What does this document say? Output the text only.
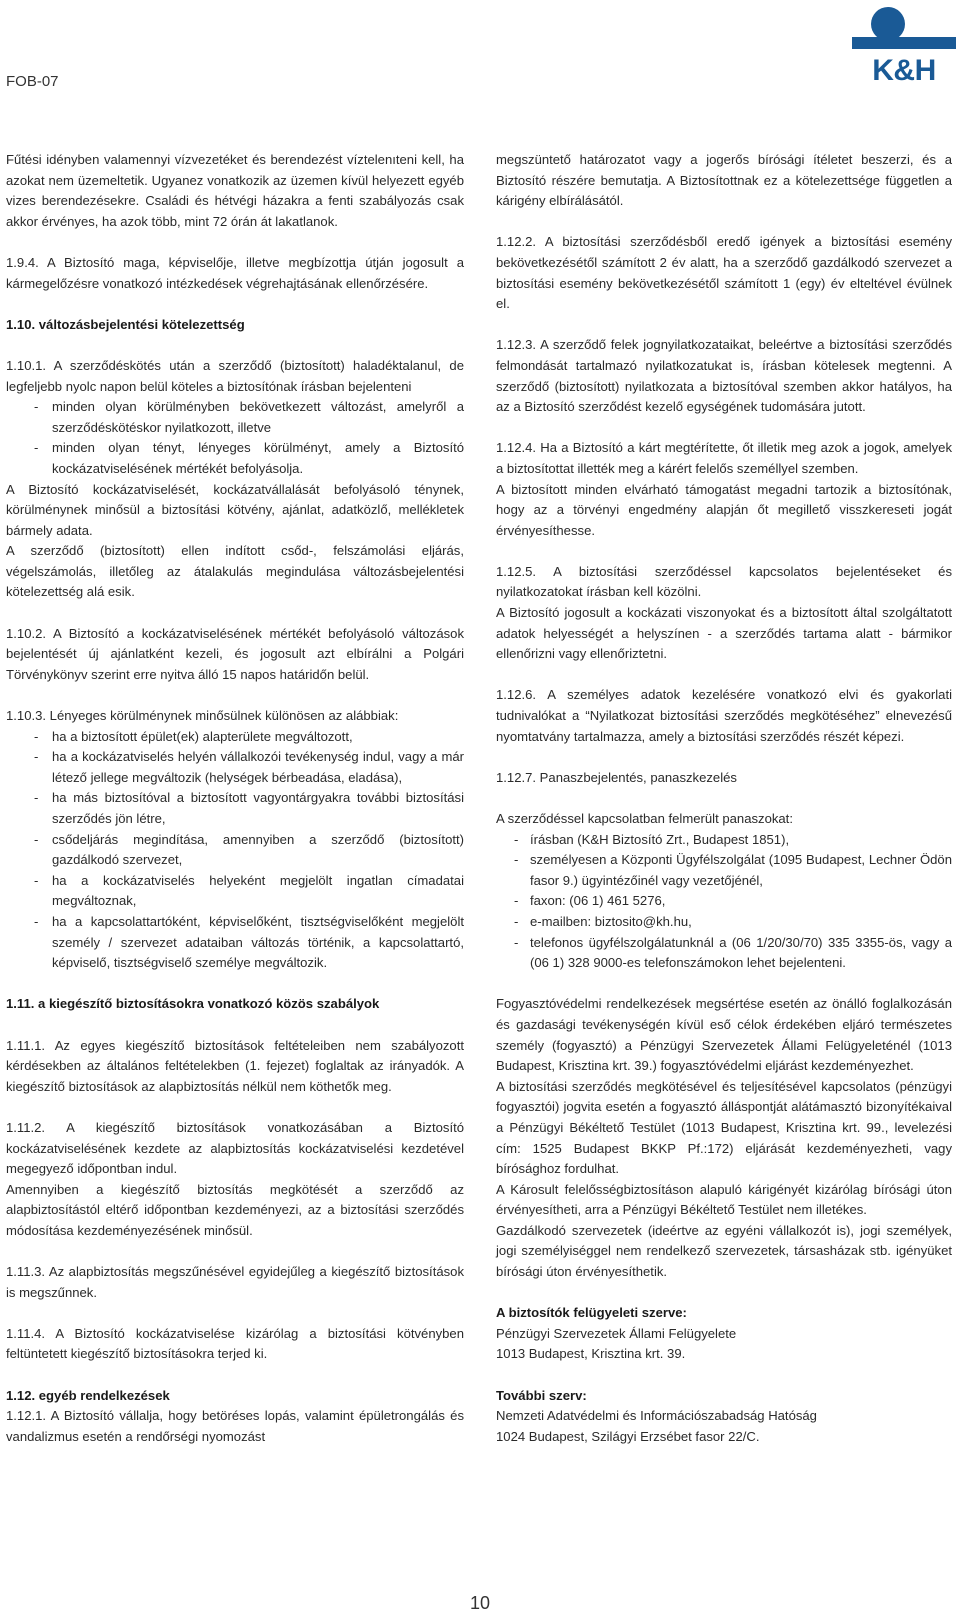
FOB-07	K&H

Fűtési idényben valamennyi vízvezetéket és berendezést víztelenıteni kell, ha azokat nem üzemeltetik. Ugyanez vonatkozik az üzemen kívül helyezett egyéb vizes berendezésekre. Családi és hétvégi házakra a fenti szabályozás csak akkor érvényes, ha azok több, mint 72 órán át lakatlanok.

1.9.4. A Biztosító maga, képviselője, illetve megbízottja útján jogosult a kármegelőzésre vonatkozó intézkedések végrehajtásának ellenőrzésére.

1.10. változásbejelentési kötelezettség

1.10.1. A szerződéskötés után a szerződő (biztosított) haladéktalanul, de legfeljebb nyolc napon belül köteles a biztosítónak írásban bejelenteni

- minden olyan körülményben bekövetkezett változást, amelyről a szerződéskötéskor nyilatkozott, illetve
- minden olyan tényt, lényeges körülményt, amely a Biztosító kockázatviselésének mértékét befolyásolja.

A Biztosító kockázatviselését, kockázatvállalását befolyásoló ténynek, körülménynek minősül a biztosítási kötvény, ajánlat, adatközlő, mellékletek bármely adata.

A szerződő (biztosított) ellen indított csőd-, felszámolási eljárás, végelszámolás, illetőleg az átalakulás megindulása változásbejelentési kötelezettség alá esik.

1.10.2. A Biztosító a kockázatviselésének mértékét befolyásoló változások bejelentését új ajánlatként kezeli, és jogosult azt elbírálni a Polgári Törvénykönyv szerint erre nyitva álló 15 napos határidőn belül.

1.10.3. Lényeges körülménynek minősülnek különösen az alábbiak:

- ha a biztosított épület(ek) alapterülete megváltozott,
- ha a kockázatviselés helyén vállalkozói tevékenység indul, vagy a már létező jellege megváltozik (helységek bérbeadása, eladása),
- ha más biztosítóval a biztosított vagyontárgyakra további biztosítási szerződés jön létre,
- csődeljárás megindítása, amennyiben a szerződő (biztosított) gazdálkodó szervezet,
- ha a kockázatviselés helyeként megjelölt ingatlan címadatai megváltoznak,
- ha a kapcsolattartóként, képviselőként, tisztségviselőként megjelölt személy / szervezet adataiban változás történik, a kapcsolattartó, képviselő, tisztségviselő személye megváltozik.

1.11. a kiegészítő biztosításokra vonatkozó közös szabályok

1.11.1. Az egyes kiegészítő biztosítások feltételeiben nem szabályozott kérdésekben az általános feltételekben (1. fejezet) foglaltak az irányadók. A kiegészítő biztosítások az alapbiztosítás nélkül nem köthetők meg.

1.11.2. A kiegészítő biztosítások vonatkozásában a Biztosító kockázatviselésének kezdete az alapbiztosítás kockázatviselési kezdetével megegyező időpontban indul.

Amennyiben a kiegészítő biztosítás megkötését a szerződő az alapbiztosítástól eltérő időpontban kezdeményezi, az a biztosítási szerződés módosítása kezdeményezésének minősül.

1.11.3. Az alapbiztosítás megszűnésével egyidejűleg a kiegészítő biztosítások is megszűnnek.

1.11.4. A Biztosító kockázatviselése kizárólag a biztosítási kötvényben feltüntetett kiegészítő biztosításokra terjed ki.

1.12. egyéb rendelkezések

1.12.1. A Biztosító vállalja, hogy betöréses lopás, valamint épületrongálás és vandalizmus esetén a rendőrségi nyomozást

megszüntető határozatot vagy a jogerős bírósági ítéletet beszerzi, és a Biztosító részére bemutatja. A Biztosítottnak ez a kötelezettsége független a kárigény elbírálásától.

1.12.2. A biztosítási szerződésből eredő igények a biztosítási esemény bekövetkezésétől számított 2 év alatt, ha a szerződő gazdálkodó szervezet a biztosítási esemény bekövetkezésétől számított 1 (egy) év elteltével évülnek el.

1.12.3. A szerződő felek jognyilatkozataikat, beleértve a biztosítási szerződés felmondását tartalmazó nyilatkozatukat is, írásban kötelesek megtenni. A szerződő (biztosított) nyilatkozata a biztosítóval szemben akkor hatályos, ha az a Biztosító szerződést kezelő egységének tudomására jutott.

1.12.4. Ha a Biztosító a kárt megtérítette, őt illetik meg azok a jogok, amelyek a biztosítottat illették meg a kárért felelős személlyel szemben.

A biztosított minden elvárható támogatást megadni tartozik a biztosítónak, hogy az a törvényi engedmény alapján őt megillető visszkereseti jogát érvényesíthesse.

1.12.5. A biztosítási szerződéssel kapcsolatos bejelentéseket és nyilatkozatokat írásban kell közölni.

A Biztosító jogosult a kockázati viszonyokat és a biztosított által szolgáltatott adatok helyességét a helyszínen - a szerződés tartama alatt - bármikor ellenőrizni vagy ellenőriztetni.

1.12.6. A személyes adatok kezelésére vonatkozó elvi és gyakorlati tudnivalókat a “Nyilatkozat biztosítási szerződés megkötéséhez” elnevezésű nyomtatvány tartalmazza, amely a biztosítási szerződés részét képezi.

1.12.7. Panaszbejelentés, panaszkezelés

A szerződéssel kapcsolatban felmerült panaszokat:

- írásban (K&H Biztosító Zrt., Budapest 1851),
- személyesen a Központi Ügyfélszolgálat (1095 Budapest, Lechner Ödön fasor 9.) ügyintézőinél vagy vezetőjénél,
- faxon: (06 1) 461 5276,
- e-mailben: biztosito@kh.hu,
- telefonos ügyfélszolgálatunknál a (06 1/20/30/70) 335 3355-ös, vagy a (06 1) 328 9000-es telefonszámokon lehet bejelenteni.

Fogyasztóvédelmi rendelkezések megsértése esetén az önálló foglalkozásán és gazdasági tevékenységén kívül eső célok érdekében eljáró természetes személy (fogyasztó) a Pénzügyi Szervezetek Állami Felügyeleténél (1013 Budapest, Krisztina krt. 39.) fogyasztóvédelmi eljárást kezdeményezhet.

A biztosítási szerződés megkötésével és teljesítésével kapcsolatos (pénzügyi fogyasztói) jogvita esetén a fogyasztó álláspontját alátámasztó bizonyítékaival a Pénzügyi Békéltető Testület (1013 Budapest, Krisztina krt. 99., levelezési cím: 1525 Budapest BKKP Pf.:172) eljárását kezdeményezheti, vagy bírósághoz fordulhat.

A Károsult felelősségbiztosításon alapuló kárigényét kizárólag bírósági úton érvényesítheti, arra a Pénzügyi Békéltető Testület nem illetékes.

Gazdálkodó szervezetek (ideértve az egyéni vállalkozót is), jogi személyek, jogi személyiséggel nem rendelkező szervezetek, társasházak stb. igényüket bírósági úton érvényesíthetik.

A biztosítók felügyeleti szerve:

Pénzügyi Szervezetek Állami Felügyelete

1013 Budapest, Krisztina krt. 39.

További szerv:

Nemzeti Adatvédelmi és Információszabadság Hatóság

1024 Budapest, Szilágyi Erzsébet fasor 22/C.

10
